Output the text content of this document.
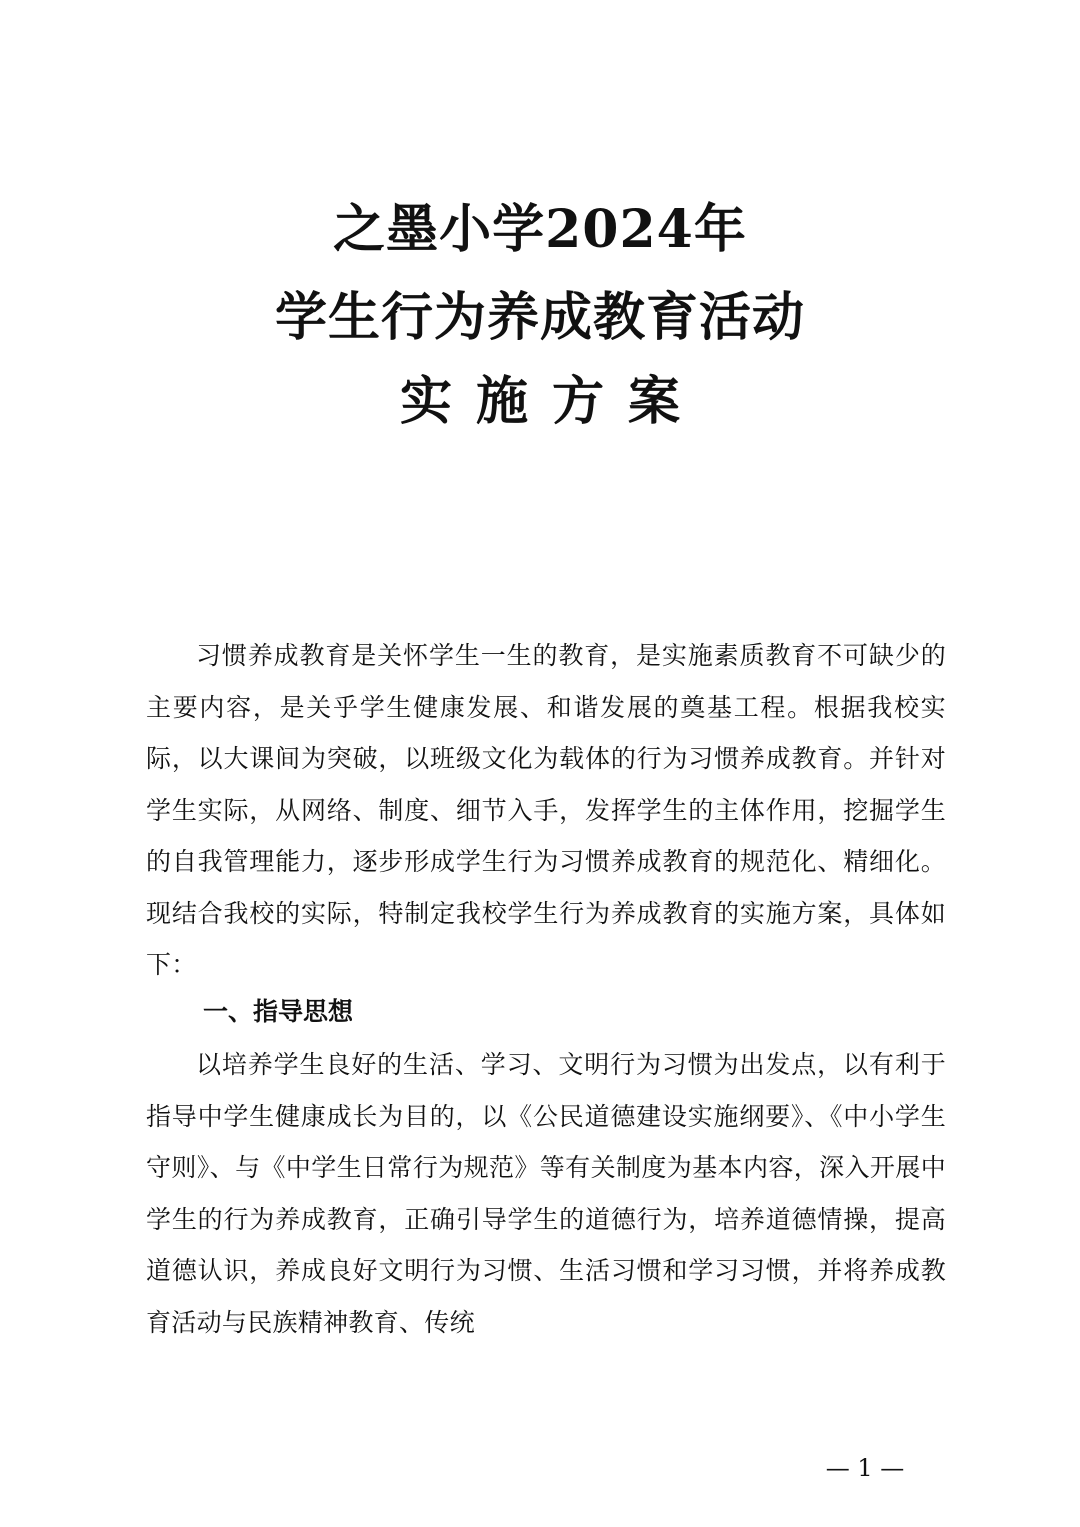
之墨小学2024年
学生行为养成教育活动
实施方案

习惯养成教育是关怀学生一生的教育，是实施素质教育不可缺少的主要内容，是关乎学生健康发展、和谐发展的奠基工程。根据我校实际，以大课间为突破，以班级文化为载体的行为习惯养成教育。并针对学生实际，从网络、制度、细节入手，发挥学生的主体作用，挖掘学生的自我管理能力，逐步形成学生行为习惯养成教育的规范化、精细化。现结合我校的实际，特制定我校学生行为养成教育的实施方案，具体如下：

一、指导思想

以培养学生良好的生活、学习、文明行为习惯为出发点，以有利于指导中学生健康成长为目的，以《公民道德建设实施纲要》、《中小学生守则》、与《中学生日常行为规范》等有关制度为基本内容，深入开展中学生的行为养成教育，正确引导学生的道德行为，培养道德情操，提高道德认识，养成良好文明行为习惯、生活习惯和学习习惯，并将养成教育活动与民族精神教育、传统

— 1 —
